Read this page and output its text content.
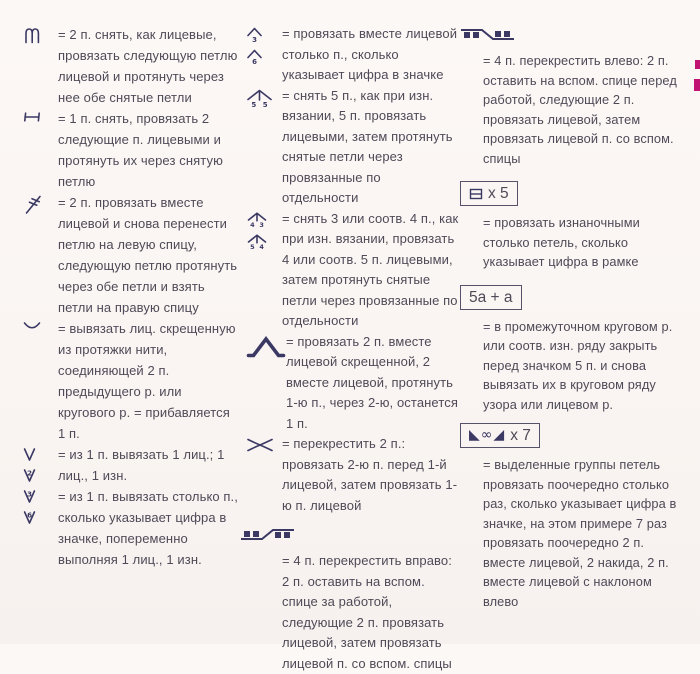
= 2 п. снять, как лицевые, провязать следующую петлю лицевой и протянуть через нее обе снятые петли
= 1 п. снять, провязать 2 следующие п. лицевыми и протянуть их через снятую петлю
= 2 п. провязать вместе лицевой и снова перенести петлю на левую спицу, следующую петлю протянуть через обе петли и взять петли на правую спицу
= вывязать лиц. скрещенную из протяжки нити, соединяющей 2 п. предыдущего р. или кругового р. = прибавляется 1 п.
2
= из 1 п. вывязать 1 лиц.; 1 лиц., 1 изн.
3
6
= из 1 п. вывязать столько п., сколько указывает цифра в значке, попеременно выполняя 1 лиц., 1 изн.
3
6
= провязать вместе лицевой столько п., сколько указывает цифра в значке
5 5
= снять 5 п., как при изн. вязании, 5 п. провязать лицевыми, затем протянуть снятые петли через провязанные по отдельности
4 3
5 4
= снять 3 или соотв. 4 п., как при изн. вязании, провязать 4 или соотв. 5 п. лицевыми, затем протянуть снятые петли через провязанные по отдельности
= провязать 2 п. вместе лицевой скрещенной, 2 вместе лицевой, протянуть 1-ю п., через 2-ю, останется 1 п.
= перекрестить 2 п.: провязать 2-ю п. перед 1-й лицевой, затем провязать 1-ю п. лицевой
= 4 п. перекрестить вправо: 2 п. оставить на вспом. спице за работой, следующие 2 п. провязать лицевой, затем провязать лицевой п. со вспом. спицы
= 4 п. перекрестить влево: 2 п. оставить на вспом. спице перед работой, следующие 2 п. провязать лицевой, затем провязать лицевой п. со вспом. спицы
x 5
= провязать изнаночными столько петель, сколько указывает цифра в рамке
5a + a
= в промежуточном круговом р. или соотв. изн. ряду закрыть перед значком 5 п. и снова вывязать их в круговом ряду узора или лицевом р.
◣∞◢ x 7
= выделенные группы петель провязать поочередно столько раз, сколько указывает цифра в значке, на этом примере 7 раз провязать поочередно 2 п. вместе лицевой, 2 накида, 2 п. вместе лицевой с наклоном влево
